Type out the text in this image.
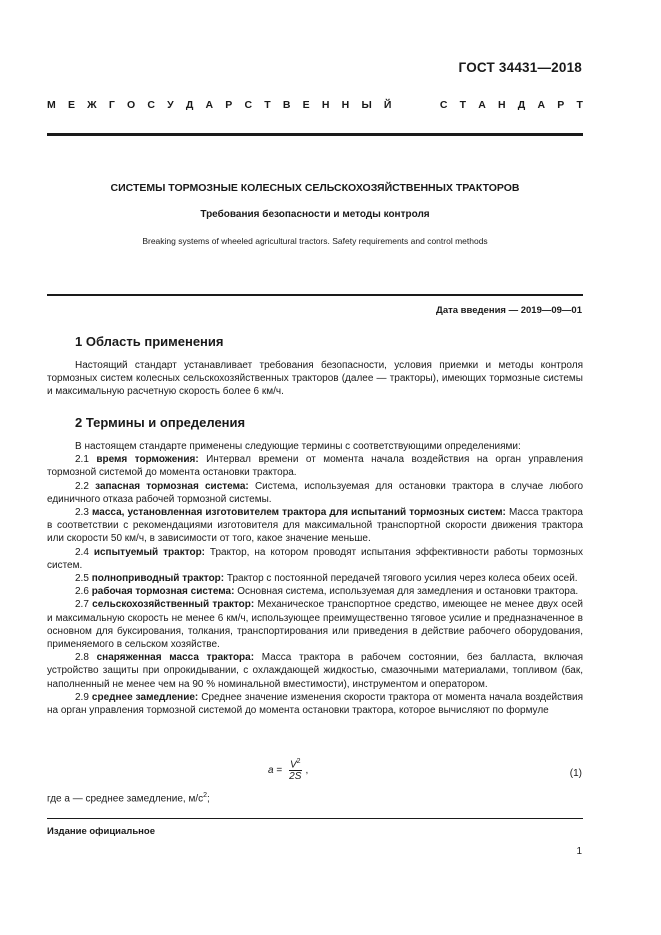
ГОСТ 34431—2018
М Е Ж Г О С У Д А Р С Т В Е Н Н Ы Й	С Т А Н Д А Р Т
СИСТЕМЫ ТОРМОЗНЫЕ КОЛЕСНЫХ СЕЛЬСКОХОЗЯЙСТВЕННЫХ ТРАКТОРОВ
Требования безопасности и методы контроля
Breaking systems of wheeled agricultural tractors. Safety requirements and control methods
Дата введения — 2019—09—01
1 Область применения

Настоящий стандарт устанавливает требования безопасности, условия приемки и методы контроля тормозных систем колесных сельскохозяйственных тракторов (далее — тракторы), имеющих тормозные системы и максимальную расчетную скорость более 6 км/ч.

2 Термины и определения

В настоящем стандарте применены следующие термины с соответствующими определениями:

2.1 время торможения: Интервал времени от момента начала воздействия на орган управления тормозной системой до момента остановки трактора.

2.2 запасная тормозная система: Система, используемая для остановки трактора в случае любого единичного отказа рабочей тормозной системы.

2.3 масса, установленная изготовителем трактора для испытаний тормозных систем: Масса трактора в соответствии с рекомендациями изготовителя для максимальной транспортной скорости движения трактора или скорости 50 км/ч, в зависимости от того, какое значение меньше.

2.4 испытуемый трактор: Трактор, на котором проводят испытания эффективности работы тормозных систем.

2.5 полноприводный трактор: Трактор с постоянной передачей тягового усилия через колеса обеих осей.

2.6 рабочая тормозная система: Основная система, используемая для замедления и остановки трактора.

2.7 сельскохозяйственный трактор: Механическое транспортное средство, имеющее не менее двух осей и максимальную скорость не менее 6 км/ч, использующее преимущественно тяговое усилие и предназначенное в основном для буксирования, толкания, транспортирования или приведения в действие рабочего оборудования, применяемого в сельском хозяйстве.

2.8 снаряженная масса трактора: Масса трактора в рабочем состоянии, без балласта, включая устройство защиты при опрокидывании, с охлаждающей жидкостью, смазочными материалами, топливом (бак, наполненный не менее чем на 90 % номинальной вместимости), инструментом и оператором.

2.9 среднее замедление: Среднее значение изменения скорости трактора от момента начала воздействия на орган управления тормозной системой до момента остановки трактора, которое вычисляют по формуле

$a = \frac{V^2}{2S}$ ,	(1)
где a — среднее замедление, $м/с^2$;
Издание официальное
1
